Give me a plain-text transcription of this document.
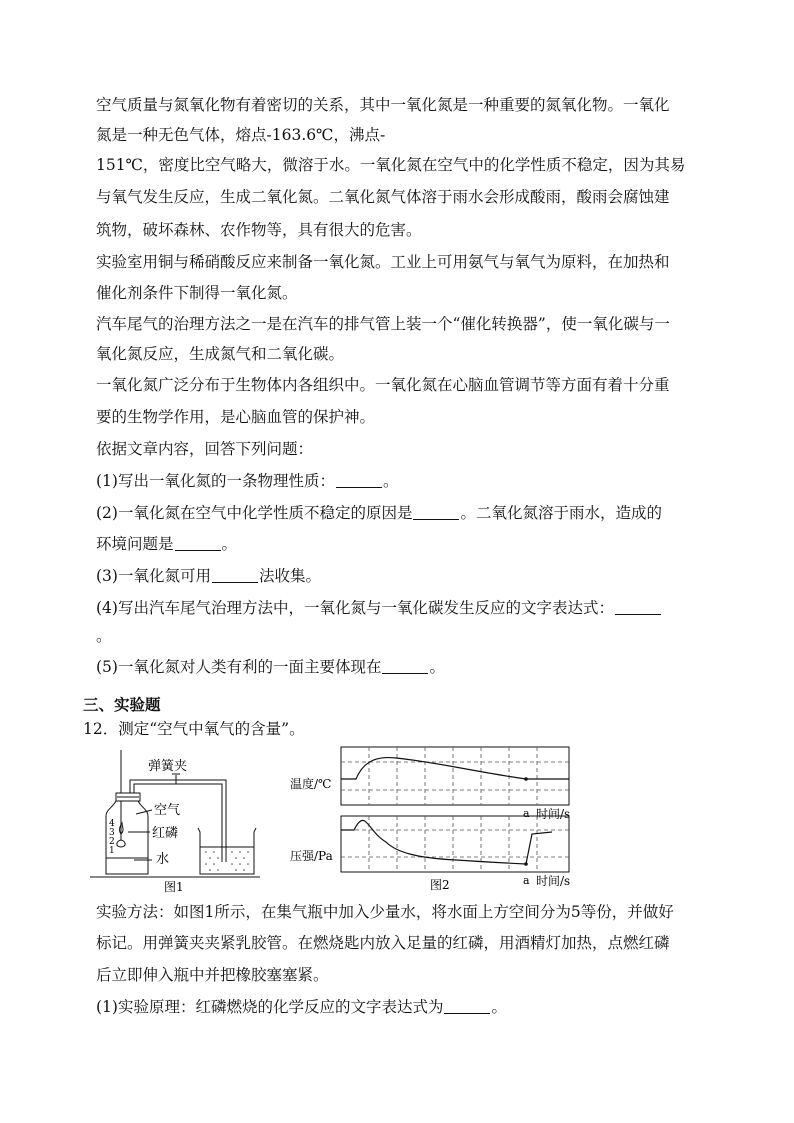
空气质量与氮氧化物有着密切的关系，其中一氧化氮是一种重要的氮氧化物。一氧化
氮是一种无色气体，熔点-163.6℃，沸点-
151℃，密度比空气略大，微溶于水。一氧化氮在空气中的化学性质不稳定，因为其易
与氧气发生反应，生成二氧化氮。二氧化氮气体溶于雨水会形成酸雨，酸雨会腐蚀建
筑物，破坏森林、农作物等，具有很大的危害。
实验室用铜与稀硝酸反应来制备一氧化氮。工业上可用氨气与氧气为原料，在加热和
催化剂条件下制得一氧化氮。
汽车尾气的治理方法之一是在汽车的排气管上装一个“催化转换器”，使一氧化碳与一
氧化氮反应，生成氮气和二氧化碳。
一氧化氮广泛分布于生物体内各组织中。一氧化氮在心脑血管调节等方面有着十分重
要的生物学作用，是心脑血管的保护神。
依据文章内容，回答下列问题：
(1)写出一氧化氮的一条物理性质：	。
(2)一氧化氮在空气中化学性质不稳定的原因是	。二氧化氮溶于雨水，造成的
环境问题是	。
(3)一氧化氮可用	法收集。
(4)写出汽车尾气治理方法中，一氧化氮与一氧化碳发生反应的文字表达式：
。
(5)一氧化氮对人类有利的一面主要体现在	。
三、实验题
12．测定“空气中氧气的含量”。
弹簧夹
空气
红磷
水
4
3
2
1
图1
温度/℃
a 时间/s
压强/Pa
a 时间/s
图2
实验方法：如图1所示，在集气瓶中加入少量水，将水面上方空间分为5等份，并做好
标记。用弹簧夹夹紧乳胶管。在燃烧匙内放入足量的红磷，用酒精灯加热，点燃红磷
后立即伸入瓶中并把橡胶塞塞紧。
(1)实验原理：红磷燃烧的化学反应的文字表达式为	。
